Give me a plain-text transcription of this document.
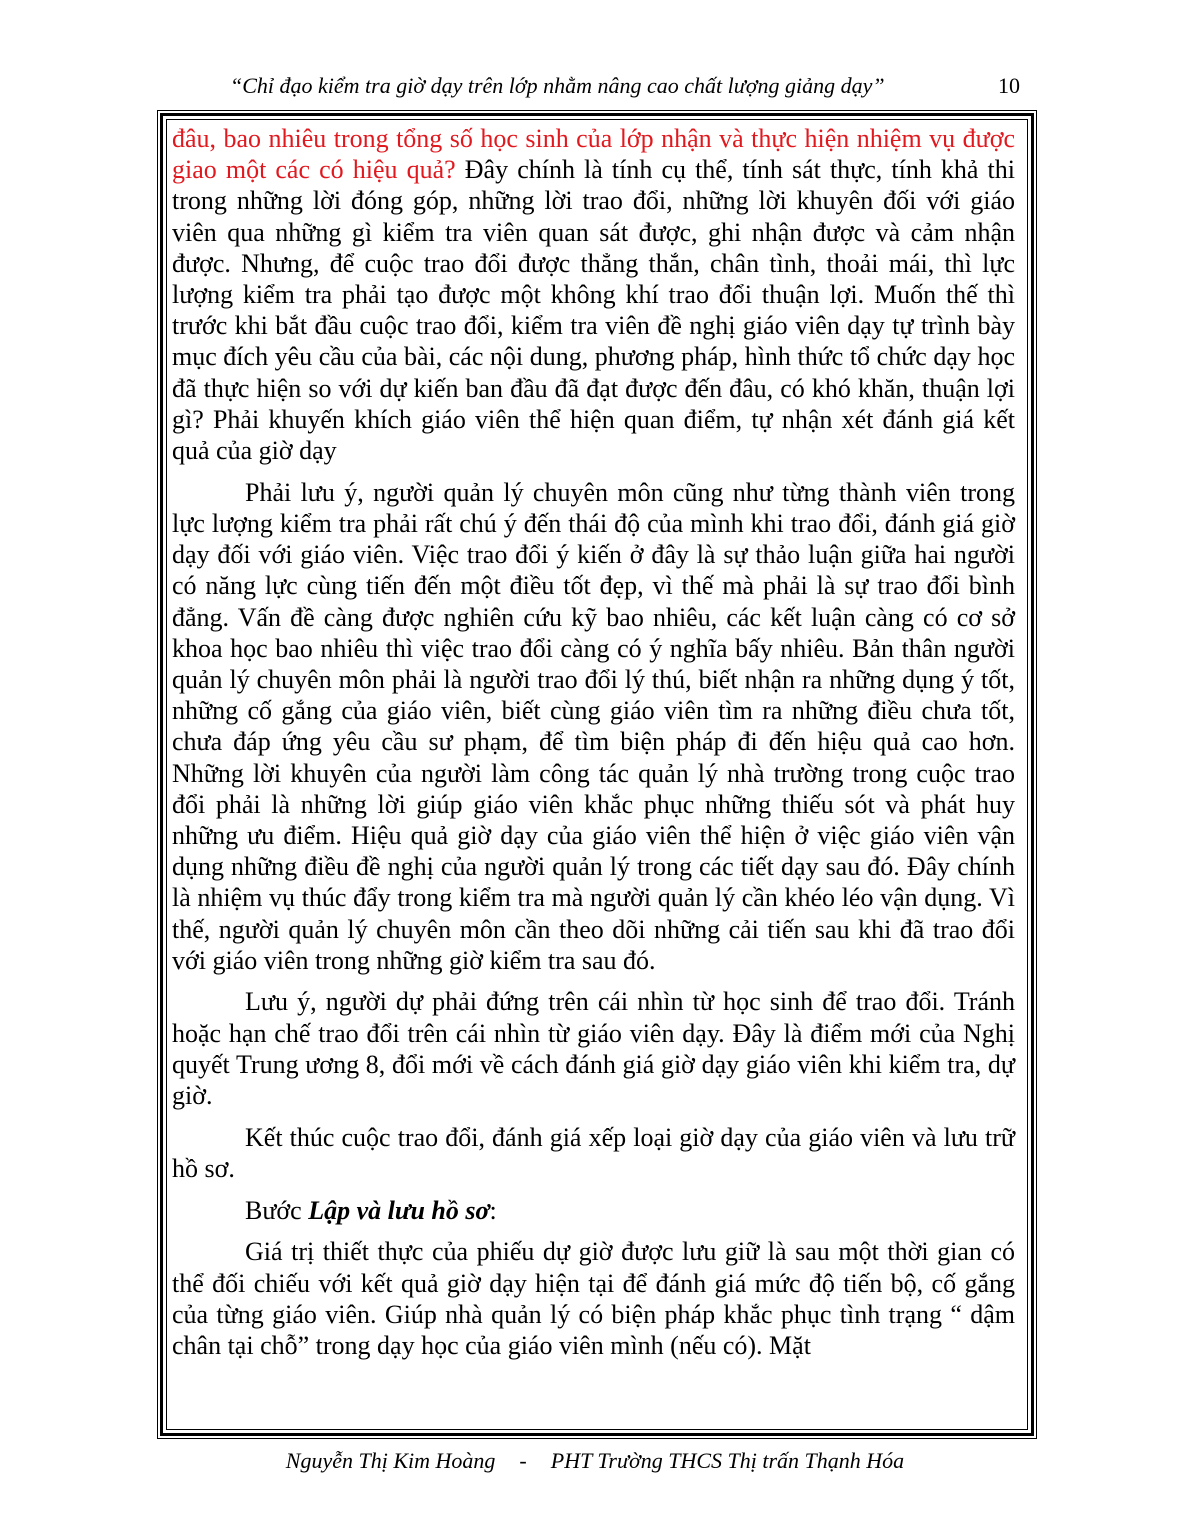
“Chỉ đạo kiểm tra giờ dạy trên lớp nhằm nâng cao chất lượng giảng dạy”	10

đâu, bao nhiêu trong tổng số học sinh của lớp nhận và thực hiện nhiệm vụ được giao một các có hiệu quả? Đây chính là tính cụ thể, tính sát thực, tính khả thi trong những lời đóng góp, những lời trao đổi, những lời khuyên đối với giáo viên qua những gì kiểm tra viên quan sát được, ghi nhận được và cảm nhận được. Nhưng, để cuộc trao đổi được thẳng thắn, chân tình, thoải mái, thì lực lượng kiểm tra phải tạo được một không khí trao đổi thuận lợi. Muốn thế thì trước khi bắt đầu cuộc trao đổi, kiểm tra viên đề nghị giáo viên dạy tự trình bày mục đích yêu cầu của bài, các nội dung, phương pháp, hình thức tổ chức dạy học đã thực hiện so với dự kiến ban đầu đã đạt được đến đâu, có khó khăn, thuận lợi gì? Phải khuyến khích giáo viên thể hiện quan điểm, tự nhận xét đánh giá kết quả của giờ dạy

Phải lưu ý, người quản lý chuyên môn cũng như từng thành viên trong lực lượng kiểm tra phải rất chú ý đến thái độ của mình khi trao đổi, đánh giá giờ dạy đối với giáo viên. Việc trao đổi ý kiến ở đây là sự thảo luận giữa hai người có năng lực cùng tiến đến một điều tốt đẹp, vì thế mà phải là sự trao đổi bình đẳng. Vấn đề càng được nghiên cứu kỹ bao nhiêu, các kết luận càng có cơ sở khoa học bao nhiêu thì việc trao đổi càng có ý nghĩa bấy nhiêu. Bản thân người quản lý chuyên môn phải là người trao đổi lý thú, biết nhận ra những dụng ý tốt, những cố gắng của giáo viên, biết cùng giáo viên tìm ra những điều chưa tốt, chưa đáp ứng yêu cầu sư phạm, để tìm biện pháp đi đến hiệu quả cao hơn. Những lời khuyên của người làm công tác quản lý nhà trường trong cuộc trao đổi phải là những lời giúp giáo viên khắc phục những thiếu sót và phát huy những ưu điểm. Hiệu quả giờ dạy của giáo viên thể hiện ở việc giáo viên vận dụng những điều đề nghị của người quản lý trong các tiết dạy sau đó. Đây chính là nhiệm vụ thúc đẩy trong kiểm tra mà người quản lý cần khéo léo vận dụng. Vì thế, người quản lý chuyên môn cần theo dõi những cải tiến sau khi đã trao đổi với giáo viên trong những giờ kiểm tra sau đó.

Lưu ý, người dự phải đứng trên cái nhìn từ học sinh để trao đổi. Tránh hoặc hạn chế trao đổi trên cái nhìn từ giáo viên dạy. Đây là điểm mới của Nghị quyết Trung ương 8, đổi mới về cách đánh giá giờ dạy giáo viên khi kiểm tra, dự giờ.

Kết thúc cuộc trao đổi, đánh giá xếp loại giờ dạy của giáo viên và lưu trữ hồ sơ.

Bước Lập và lưu hồ sơ:

Giá trị thiết thực của phiếu dự giờ được lưu giữ là sau một thời gian có thể đối chiếu với kết quả giờ dạy hiện tại để đánh giá mức độ tiến bộ, cố gắng của từng giáo viên. Giúp nhà quản lý có biện pháp khắc phục tình trạng “ dậm chân tại chỗ” trong dạy học của giáo viên mình (nếu có). Mặt

Nguyễn Thị Kim Hoàng - PHT Trường THCS Thị trấn Thạnh Hóa
